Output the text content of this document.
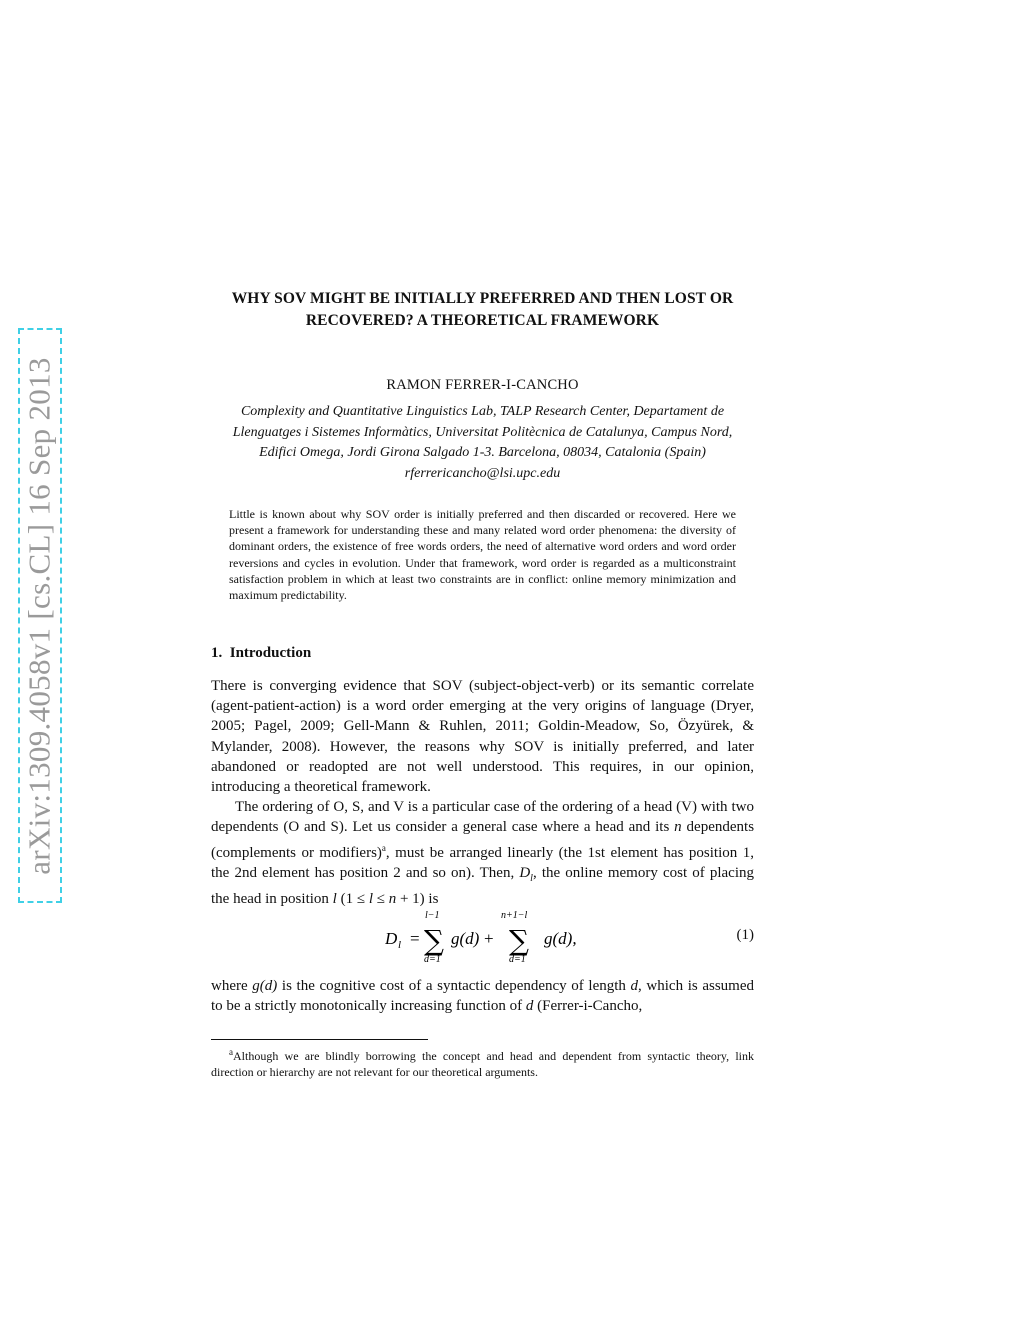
arXiv:1309.4058v1 [cs.CL] 16 Sep 2013
WHY SOV MIGHT BE INITIALLY PREFERRED AND THEN LOST OR
RECOVERED? A THEORETICAL FRAMEWORK
RAMON FERRER-I-CANCHO
Complexity and Quantitative Linguistics Lab, TALP Research Center, Departament de
Llenguatges i Sistemes Informàtics, Universitat Politècnica de Catalunya, Campus Nord,
Edifici Omega, Jordi Girona Salgado 1-3. Barcelona, 08034, Catalonia (Spain)
rferrericancho@lsi.upc.edu
Little is known about why SOV order is initially preferred and then discarded or recovered. Here we present a framework for understanding these and many related word order phenomena: the diversity of dominant orders, the existence of free words orders, the need of alternative word orders and word order reversions and cycles in evolution. Under that framework, word order is regarded as a multiconstraint satisfaction problem in which at least two constraints are in conflict: online memory minimization and maximum predictability.
1. Introduction

There is converging evidence that SOV (subject-object-verb) or its semantic correlate (agent-patient-action) is a word order emerging at the very origins of language (Dryer, 2005; Pagel, 2009; Gell-Mann & Ruhlen, 2011; Goldin-Meadow, So, Özyürek, & Mylander, 2008). However, the reasons why SOV is initially preferred, and later abandoned or readopted are not well understood. This requires, in our opinion, introducing a theoretical framework.

The ordering of O, S, and V is a particular case of the ordering of a head (V) with two dependents (O and S). Let us consider a general case where a head and its n dependents (complements or modifiers)$^a$, must be arranged linearly (the 1st element has position 1, the 2nd element has position 2 and so on). Then, $D_l$, the online memory cost of placing the head in position l (1 ≤ l ≤ n + 1) is

D l =
l−1
∑
d=1
g(d) +
n+1−l
∑
d=1
g(d),	(1)
where g(d) is the cognitive cost of a syntactic dependency of length d, which is assumed to be a strictly monotonically increasing function of d (Ferrer-i-Cancho,
$^a$Although we are blindly borrowing the concept and head and dependent from syntactic theory, link direction or hierarchy are not relevant for our theoretical arguments.
